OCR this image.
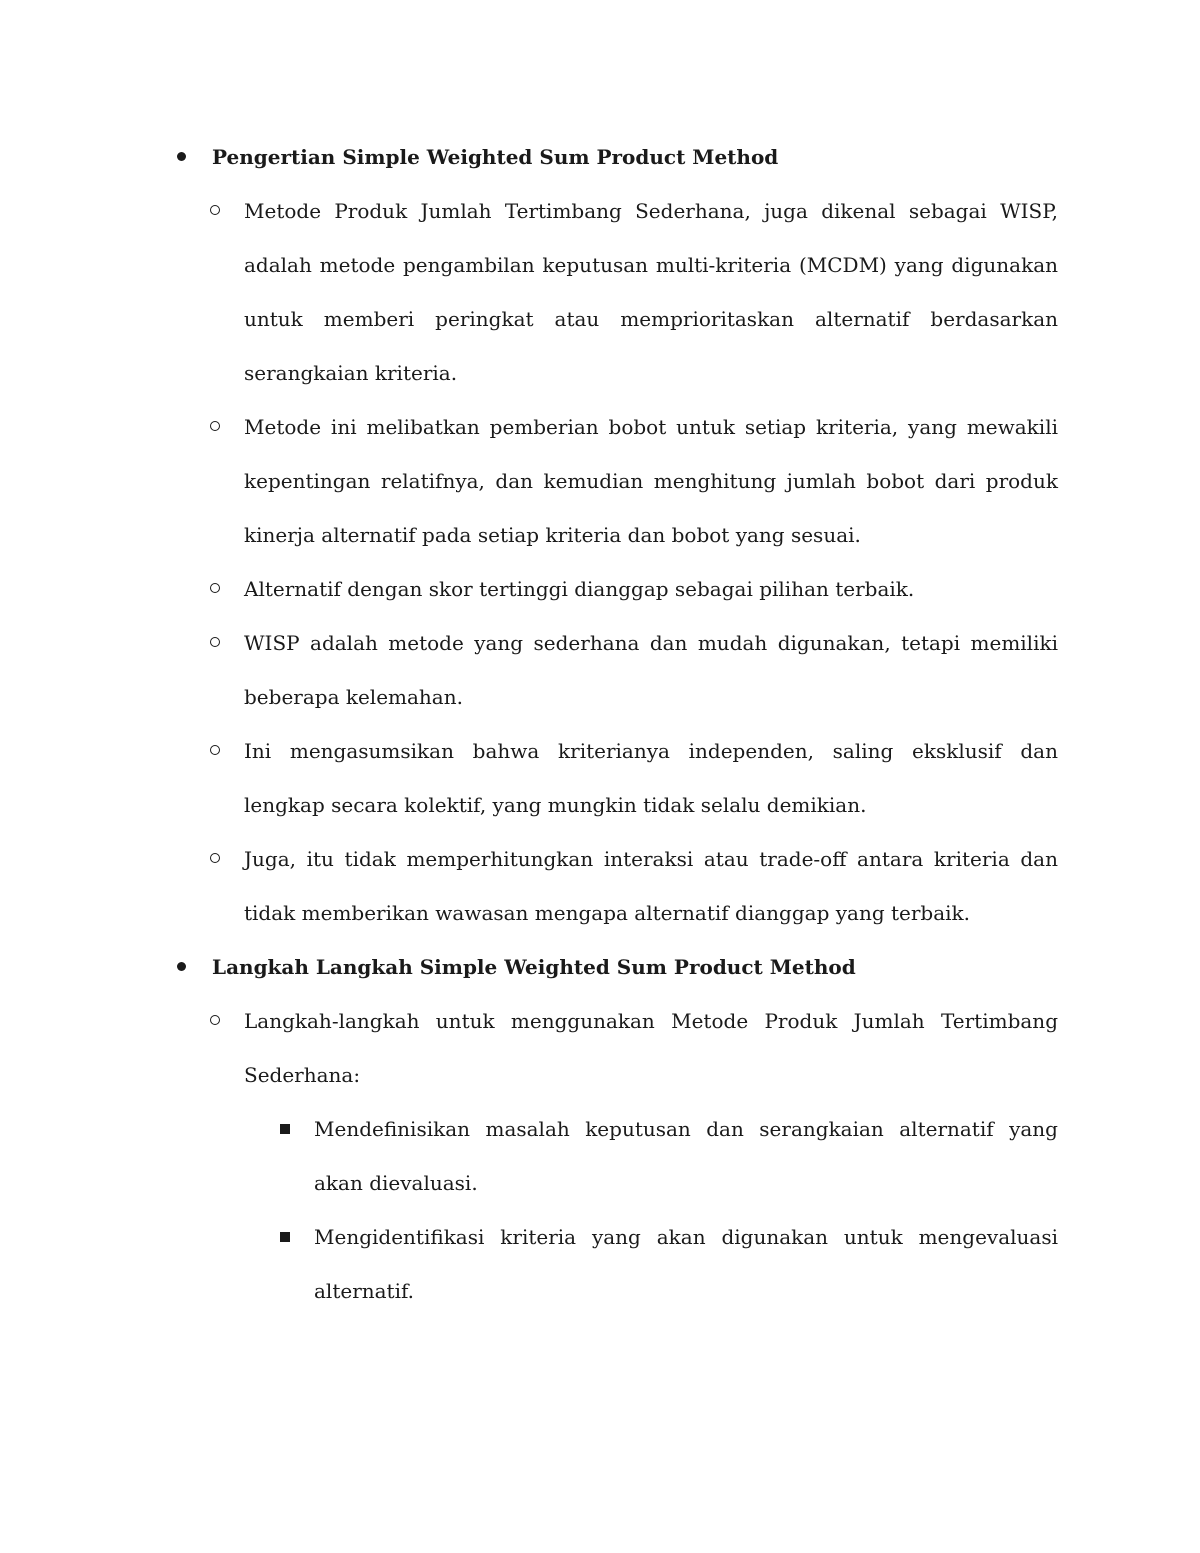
Pengertian Simple Weighted Sum Product Method

Metode Produk Jumlah Tertimbang Sederhana, juga dikenal sebagai WISP, adalah metode pengambilan keputusan multi-kriteria (MCDM) yang digunakan untuk memberi peringkat atau memprioritaskan alternatif berdasarkan serangkaian kriteria.
Metode ini melibatkan pemberian bobot untuk setiap kriteria, yang mewakili kepentingan relatifnya, dan kemudian menghitung jumlah bobot dari produk kinerja alternatif pada setiap kriteria dan bobot yang sesuai.
Alternatif dengan skor tertinggi dianggap sebagai pilihan terbaik.
WISP adalah metode yang sederhana dan mudah digunakan, tetapi memiliki beberapa kelemahan.
Ini mengasumsikan bahwa kriterianya independen, saling eksklusif dan lengkap secara kolektif, yang mungkin tidak selalu demikian.
Juga, itu tidak memperhitungkan interaksi atau trade-off antara kriteria dan tidak memberikan wawasan mengapa alternatif dianggap yang terbaik.

Langkah Langkah Simple Weighted Sum Product Method

Langkah-langkah untuk menggunakan Metode Produk Jumlah Tertimbang Sederhana:
Mendefinisikan masalah keputusan dan serangkaian alternatif yang akan dievaluasi.
Mengidentifikasi kriteria yang akan digunakan untuk mengevaluasi alternatif.
